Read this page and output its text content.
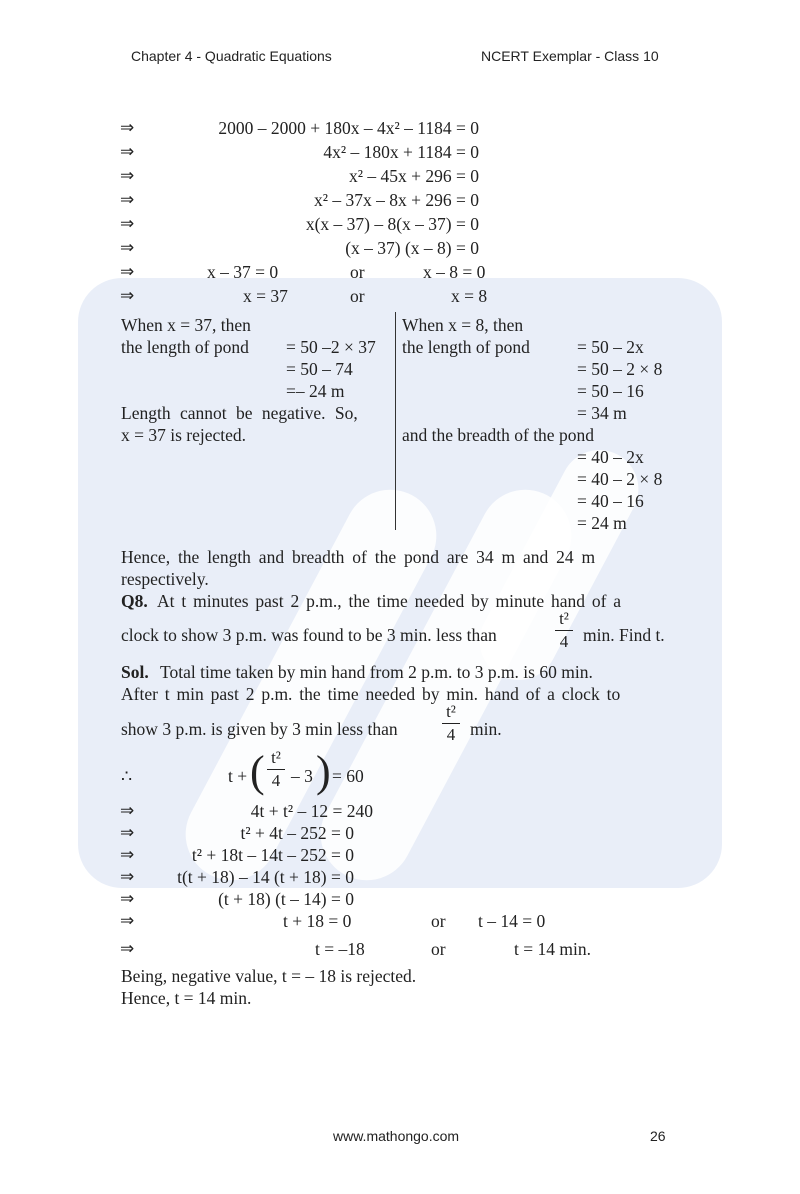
Chapter 4 - Quadratic Equations	NCERT Exemplar - Class 10
⇒	2000 – 2000 + 180x – 4x² – 1184 = 0
⇒	4x² – 180x + 1184 = 0
⇒	x² – 45x + 296 = 0
⇒	x² – 37x – 8x + 296 = 0
⇒	x(x – 37) – 8(x – 37) = 0
⇒	(x – 37) (x – 8) = 0
⇒	x – 37 = 0	or	x – 8 = 0
⇒	x = 37	or	x = 8
When x = 37, then
the length of pond = 50 –2 × 37
= 50 – 74
=– 24 m
Length cannot be negative. So,
x = 37 is rejected.
When x = 8, then
the length of pond	= 50 – 2x
= 50 – 2 × 8
= 50 – 16
= 34 m
and the breadth of the pond
= 40 – 2x
= 40 – 2 × 8
= 40 – 16
= 24 m
Hence, the length and breadth of the pond are 34 m and 24 m
respectively.
Q8. At t minutes past 2 p.m., the time needed by minute hand of a
clock to show 3 p.m. was found to be 3 min. less than
t²
4 min. Find t.
Sol. Total time taken by min hand from 2 p.m. to 3 p.m. is 60 min.
After t min past 2 p.m. the time needed by min. hand of a clock to
show 3 p.m. is given by 3 min less than
t²
4 min.
∴	t + ( t²
4 – 3 ) = 60
⇒	4t + t² – 12 = 240
⇒	t² + 4t – 252 = 0
⇒	t² + 18t – 14t – 252 = 0
⇒ t(t + 18) – 14 (t + 18) = 0
⇒	(t + 18) (t – 14) = 0
⇒	t + 18 = 0	or t – 14 = 0
⇒	t = –18	or	t = 14 min.
Being, negative value, t = – 18 is rejected.
Hence, t = 14 min.
www.mathongo.com	26
